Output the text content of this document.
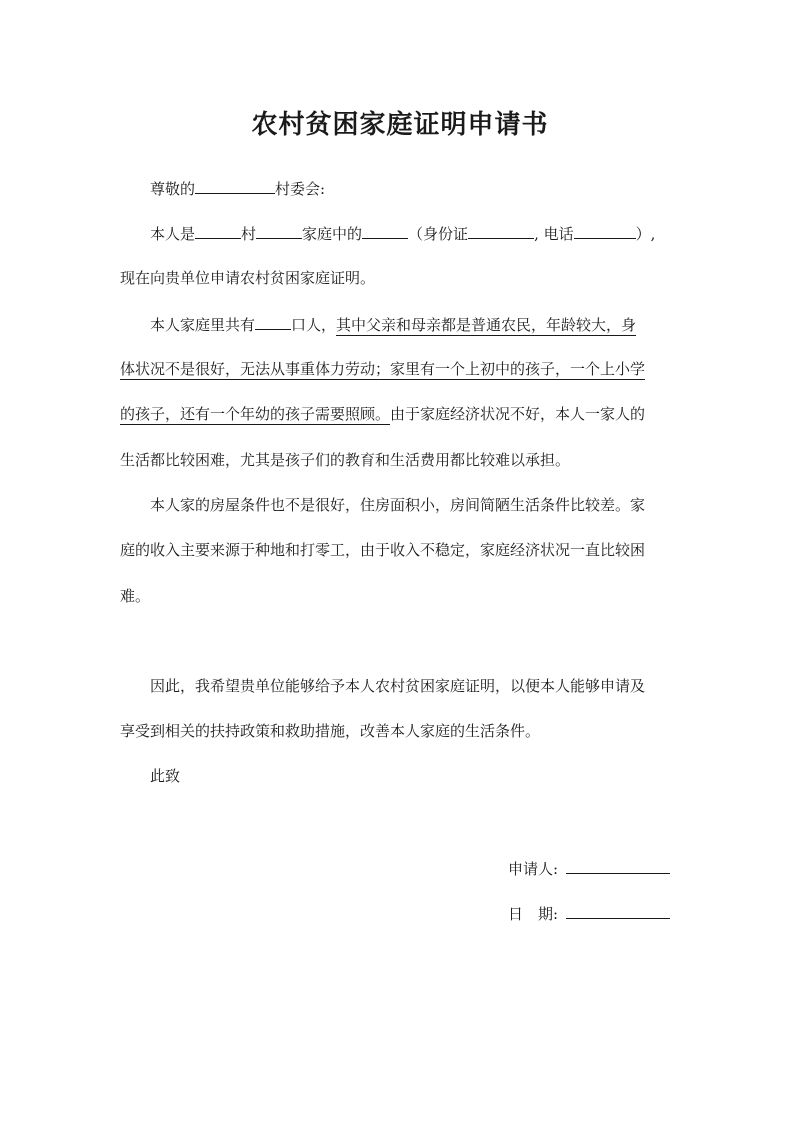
农村贫困家庭证明申请书
尊敬的	村委会:
本人是	村	家庭中的	（身份证	, 电话	）,
现在向贵单位申请农村贫困家庭证明。
本人家庭里共有 口人，其中父亲和母亲都是普通农民，年龄较大，身
体状况不是很好，无法从事重体力劳动；家里有一个上初中的孩子，一个上小学
的孩子，还有一个年幼的孩子需要照顾。由于家庭经济状况不好，本人一家人的
生活都比较困难，尤其是孩子们的教育和生活费用都比较难以承担。
本人家的房屋条件也不是很好，住房面积小，房间简陋生活条件比较差。家
庭的收入主要来源于种地和打零工，由于收入不稳定，家庭经济状况一直比较困
难。
因此，我希望贵单位能够给予本人农村贫困家庭证明，以便本人能够申请及
享受到相关的扶持政策和救助措施，改善本人家庭的生活条件。
此致
申请人:
日　期:
